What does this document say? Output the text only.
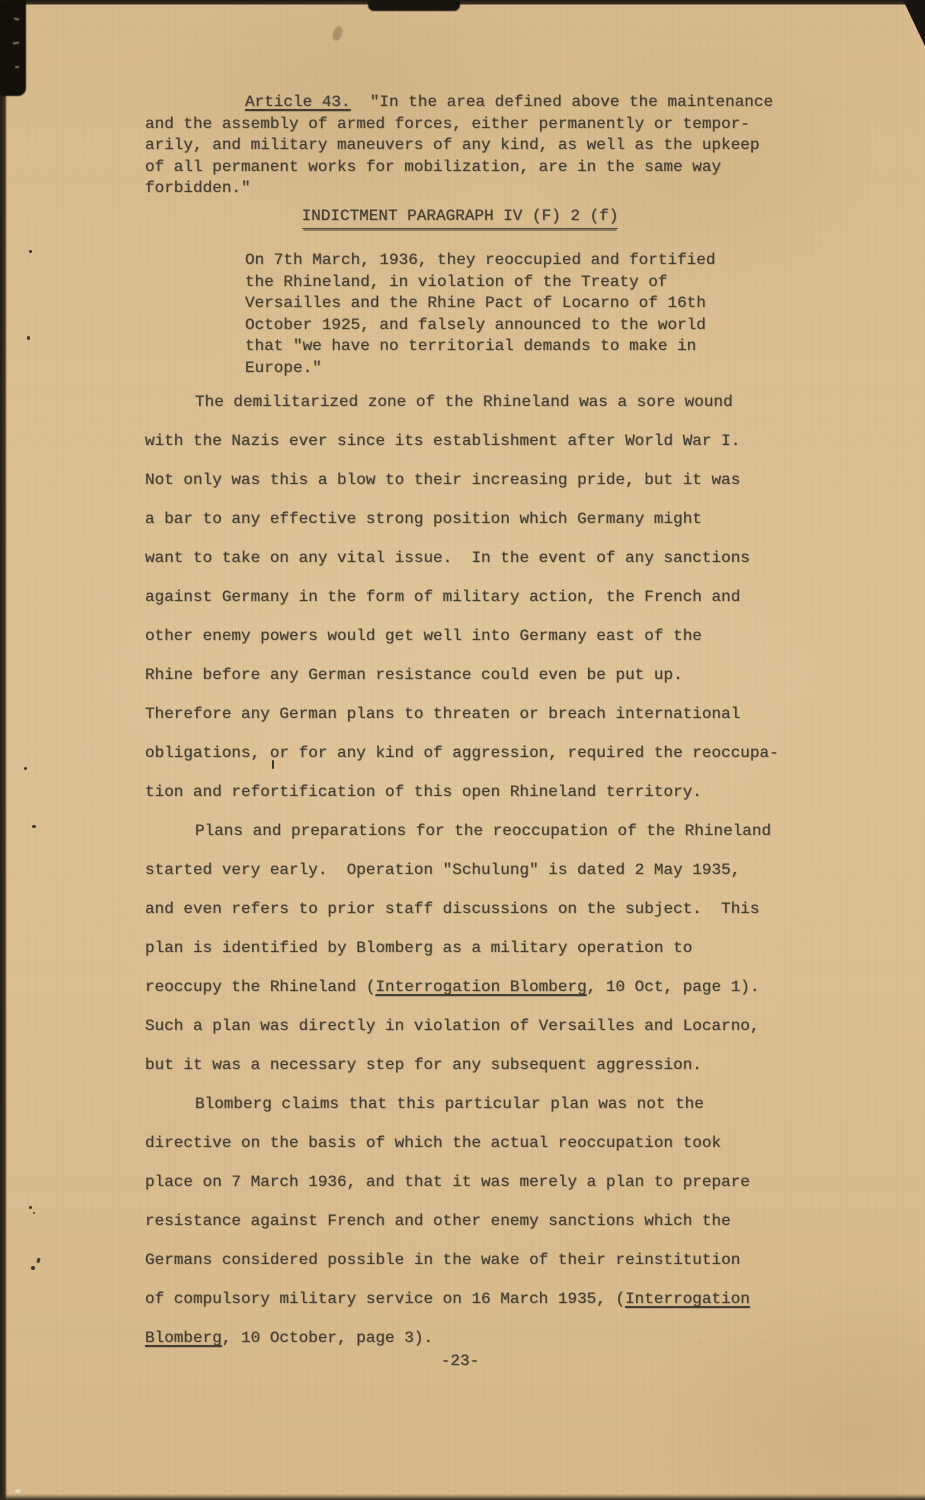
Article 43.  "In the area defined above the maintenance
and the assembly of armed forces, either permanently or tempor-
arily, and military maneuvers of any kind, as well as the upkeep
of all permanent works for mobilization, are in the same way
forbidden."
INDICTMENT PARAGRAPH IV (F) 2 (f)
On 7th March, 1936, they reoccupied and fortified
the Rhineland, in violation of the Treaty of
Versailles and the Rhine Pact of Locarno of 16th
October 1925, and falsely announced to the world
that "we have no territorial demands to make in
Europe."
The demilitarized zone of the Rhineland was a sore wound
with the Nazis ever since its establishment after World War I.
Not only was this a blow to their increasing pride, but it was
a bar to any effective strong position which Germany might
want to take on any vital issue.  In the event of any sanctions
against Germany in the form of military action, the French and
other enemy powers would get well into Germany east of the
Rhine before any German resistance could even be put up.
Therefore any German plans to threaten or breach international
obligations, or for any kind of aggression, required the reoccupa-
tion and refortification of this open Rhineland territory.
Plans and preparations for the reoccupation of the Rhineland
started very early.  Operation "Schulung" is dated 2 May 1935,
and even refers to prior staff discussions on the subject.  This
plan is identified by Blomberg as a military operation to
reoccupy the Rhineland (Interrogation Blomberg, 10 Oct, page 1).
Such a plan was directly in violation of Versailles and Locarno,
but it was a necessary step for any subsequent aggression.
Blomberg claims that this particular plan was not the
directive on the basis of which the actual reoccupation took
place on 7 March 1936, and that it was merely a plan to prepare
resistance against French and other enemy sanctions which the
Germans considered possible in the wake of their reinstitution
of compulsory military service on 16 March 1935, (Interrogation
Blomberg, 10 October, page 3).
-23-
